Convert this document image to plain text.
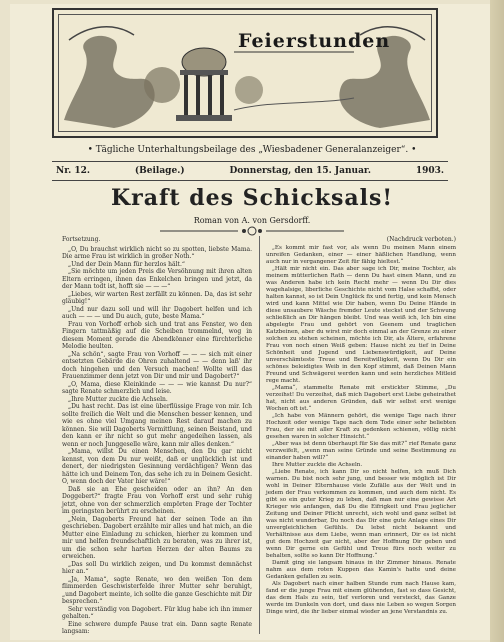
Feierstunden
• Tägliche Unterhaltungsbeilage des „Wiesbadener Generalanzeiger“. •
Nr. 12.	(Beilage.)	Donnerstag, den 15. Januar.	1903.
Kraft des Schicksals!
Roman von A. von Gersdorff.

Fortsetzung.

„O, Du brauchst wirklich nicht so zu spotten, liebste Mama. Die arme Frau ist wirklich in großer Noth.“

„Und der Dein Mann für herzlos hält.“

„Sie möchte um jeden Preis die Versöhnung mit ihren alten Eltern erringen, ihnen das Enkelchen bringen und jetzt, da der Mann todt ist, hofft sie — — —“

„Liebes, wir warten Rest zerfällt zu können. Da, das ist sehr gläubig!“

„Und nur dazu soll und will ihr Dagobert helfen und ich auch — — — und Du auch, gute, beste Mama.“

Frau von Vorhoff erhob sich und trat ans Fenster, wo den Fingern tattmäßig auf die Scheiben trommelnd, wog in diesem Moment gerade die Abendkönner eine fürchterliche Melodie heulten.

„Na schön“, sagte Frau von Vorhoff — — — sich mit einer entsetzten Gebärde die Ohren zuhaltend — — denn laß' ihr doch hingehen und den Versuch machen! Wollte will das Frauenzimmer denn jetzt von Dir und mir und Dagobert?“

„O, Mama, diese Kleinkinde — — — wie kannst Du nur?“ sagte Renate schmerzlich und leise.

„Ihre Mutter zuckte die Achseln.

„Du hast recht. Das ist eine überflüssige Frage von mir. Ich sollte freilich die Welt und die Menschen besser kennen, und wie es ohne viel Umgang meinen Rest darauf machen zu können. Sie will Dagoberts Vermittlung, seinen Beistand, und den kann er ihr nicht so gut mehr angedeihen lassen, als wenn er noch Junggeselle wäre, kann mir alles denken.“

„Mama, willst Du einen Menschen, den Du gar nicht kennst, von dem Du nur weißt, daß er unglücklich ist und denert, der niedrigsten Gesinnung verdächtigen? Wenn das hätte ich und Deinem Ton, das sehe ich zu in Deinem Gesicht. O, wenn doch der Vater hier wäre!“

Daß sie an Ehe gescheiden oder an ihn? An den Doggebert?“ fragte Frau von Vorhoff erst und sehr ruhig jetzt, ohne von der schmerzlich empörten Frage der Tochter im geringsten berührt zu erscheinen.

„Nein, Dagoberts Freund hat der seinen Tode an ihn geschrieben. Dagobert erzählte mir alles und hat mich, an die Mutter eine Einladung zu schicken, hierher zu kommen und mir und helfen freundschaftlich zu beraten, was zu ihrer ist, um die schon sehr harten Herzen der alten Baums zu erweichen.

„Das soll Du wirklich zeigen, und Du kommst demnächst hier an.“

„Ja, Mama“, sagte Renate, wo den weißen Ton dem flimmerden Geschwisterfelde ihrer Mutter sehr beruhigt, „und Dagobert meinte, ich sollte die ganze Geschichte mit Dir besprechen.“

Sehr verständig von Dagobert. Für klug habe ich ihn immer gehalten.“

Eine schwere dumpfe Pause trat ein. Dann sagte Renate langsam:

(Nachdruck verboten.)

„Es kommt mir fast vor, als wenn Du meinen Mann einem unreifen Gedanken, einer — einer häßlichen Handlung, wenn auch nur in vergangener Zeit für fähig hieltest.“

„Hält mir nicht ein. Das aber sage ich Dir, meine Tochter, als meinem mütterlichen Rath — denn Du hast einen Mann, und zu was Anderen habe ich kein Recht mehr — wenn Du Dir dies wagehalsige, liberliche Geschichte nicht vom Halse schaffst, oder halten kannst, so ist Dein Unglück fix und fertig, und kein Mensch wird und kann Mittel wie Dir haben, wenn Du Deine Hände in diese unsaubere Wäsche fremder Leute steckst und der Schwung schließlich an Dir hängen bleibt. Und was weiß ich, Ich bin eine abgelegte Frau und gehört von Geenem und traglichen Katzbeinen, aber du wirst mir doch einmal an der Grenze zu einer solchen zu stehen scheinen, möchte ich Dir, als Ältere, erfahrene Frau von noch einen Weiß geben: Hause nicht zu tief in Deine Schönheit und Jugend und Liebenswürdigkeit, auf Deine unverschämteste Treue und Bereitwilligkeit, wenn Du Dir ein schönes beleidigtes Weib in den Kopf stimmt, daß Deinen Mann Freund und Schwägerei werden kann und sein herzliches Mitleid rege macht.

„Mama“, stammelte Renate mit erstickter Stimme, „Du verzeihst! Du verzeihst, daß mich Dagobert erst Liebe geheirathet hat, nicht aus anderen Gründen, daß wir selbst erst wenige Wochen oft ist.“

„Ich habe von Männern gehört, die wenige Tage nach ihrer Hochzeit oder wenige Tage nach dem Tode einer sehr beliebten Frau, der sie mit aller Kraft zu gedenken schienen, völlig nicht gesehen waren in solcher Hinsicht.“

„Aber was ist denn überhaupt für Sie das mit?“ rief Renate ganz verzweifelt, „wenn man seine Gründe und seine Bestimmung zu einander haben will?“

Ihre Mutter zuckte die Achseln.

„Liebe Renate, ich kann Dir so nicht helfen, ich muß Dich warnen. Du bist noch sehr jung, und besser wie möglich ist Dir wohl in Deiner Elternhause viele Zufälle aus der Welt und in jedem der Frau verkommen zu kommen, und auch dem nicht. Es gibt so ein guter Krieg zu leben, daß man nur eine gewisse Art Krieger wie anfangen, daß Du die Eifrigkeit und Frau jeglicher Zeitung und Deiner Pflicht unrecht, sich wohl und ganz selbst ist was nicht wunderbar, Du noch das Dir eine gute Anlage eines Dir unvergleichlichen Gefühls. Du lebst nicht bekannt und Verhältnisse aus dem Liebe, wenn man erinnert, Dir es ist nicht gut dem Hochzeit gar nicht, aber der Hoffnung Dir geben und wenn Dir gerne ein Gefühl und Treue fürs noch weiter zu behalten, sollte so kann Dir Hoffnung.“

Damit ging sie langsam hinaus in ihr Zimmer hinaus. Renate nahm aus dem roten Kuppen das Kamin's hatte und deine Gedanken gefallen zu sein.

Als Dagobert nach einer halben Stunde rum nach Hause kam, fand er die junge Frau mit einem glühenden, fast so dass Gesicht, das dem Hals zu sein, tief verloren und versteckt, das Ganze werde im Dunkeln von dort, und dass nie Leben so wegen Sorgen Dinge wird, die ihr lieber einmal wieder an jene Verstandnis zu.
